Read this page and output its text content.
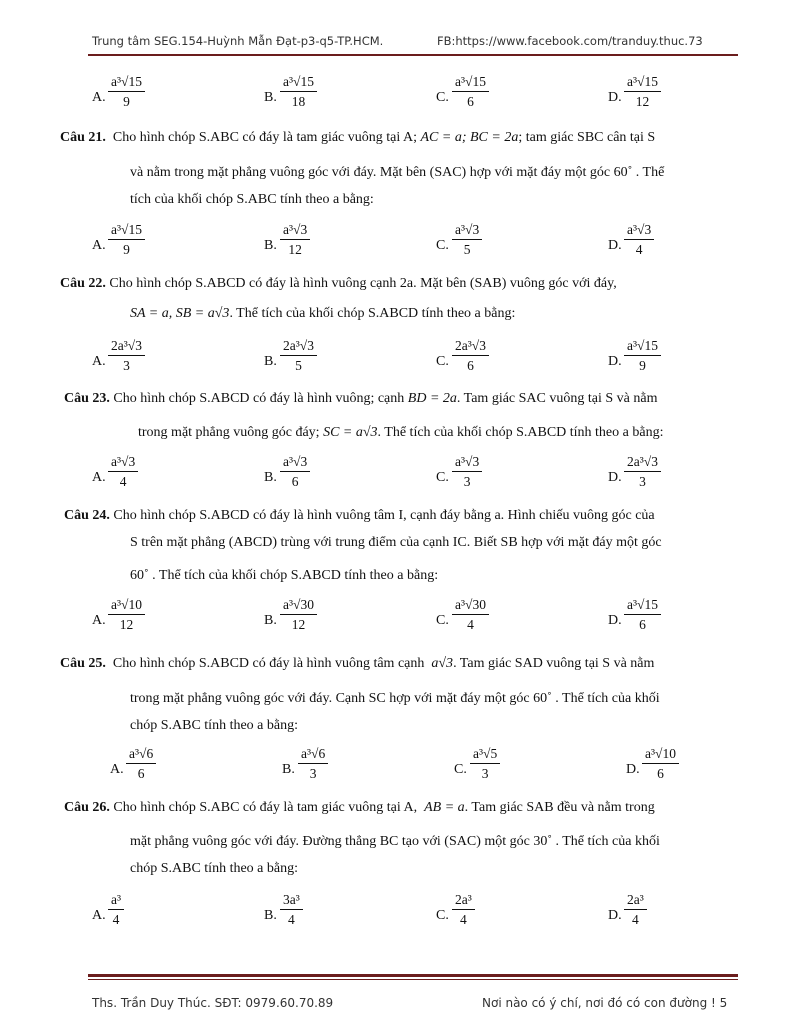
Trung tâm SEG.154-Huỳnh Mẫn Đạt-p3-q5-TP.HCM.	FB:https://www.facebook.com/tranduy.thuc.73
A.
a³√15
9	B.
a³√15
18	C.
a³√15
6	D.
a³√15
12
Câu 21. Cho hình chóp S.ABC có đáy là tam giác vuông tại A; AC = a; BC = 2a; tam giác SBC cân tại S
và nằm trong mặt phẳng vuông góc với đáy. Mặt bên (SAC) hợp với mặt đáy một góc 60˚ . Thể
tích của khối chóp S.ABC tính theo a bằng:
A.
a³√15
9	B.
a³√3
12	C.
a³√3
5	D.
a³√3
4
Câu 22. Cho hình chóp S.ABCD có đáy là hình vuông cạnh 2a. Mặt bên (SAB) vuông góc với đáy,
SA = a, SB = a√3. Thể tích của khối chóp S.ABCD tính theo a bằng:
A.
2a³√3
3	B.
2a³√3
5	C.
2a³√3
6	D.
a³√15
9
Câu 23. Cho hình chóp S.ABCD có đáy là hình vuông; cạnh BD = 2a. Tam giác SAC vuông tại S và nằm
trong mặt phẳng vuông góc đáy; SC = a√3. Thể tích của khối chóp S.ABCD tính theo a bằng:
A.
a³√3
4	B.
a³√3
6	C.
a³√3
3	D.
2a³√3
3
Câu 24. Cho hình chóp S.ABCD có đáy là hình vuông tâm I, cạnh đáy bằng a. Hình chiếu vuông góc của
S trên mặt phẳng (ABCD) trùng với trung điểm của cạnh IC. Biết SB hợp với mặt đáy một góc
60˚ . Thể tích của khối chóp S.ABCD tính theo a bằng:
A.
a³√10
12	B.
a³√30
12	C.
a³√30
4	D.
a³√15
6
Câu 25. Cho hình chóp S.ABCD có đáy là hình vuông tâm cạnh a√3. Tam giác SAD vuông tại S và nằm
trong mặt phẳng vuông góc với đáy. Cạnh SC hợp với mặt đáy một góc 60˚ . Thể tích của khối
chóp S.ABC tính theo a bằng:
A.
a³√6
6	B.
a³√6
3	C.
a³√5
3	D.
a³√10
6
Câu 26. Cho hình chóp S.ABC có đáy là tam giác vuông tại A, AB = a. Tam giác SAB đều và nằm trong
mặt phẳng vuông góc với đáy. Đường thẳng BC tạo với (SAC) một góc 30˚ . Thể tích của khối
chóp S.ABC tính theo a bằng:
A.
a³
4	B.
3a³
4	C.
2a³
4	D.
2a³
4
Ths. Trần Duy Thúc. SĐT: 0979.60.70.89	Nơi nào có ý chí, nơi đó có con đường ! 5
